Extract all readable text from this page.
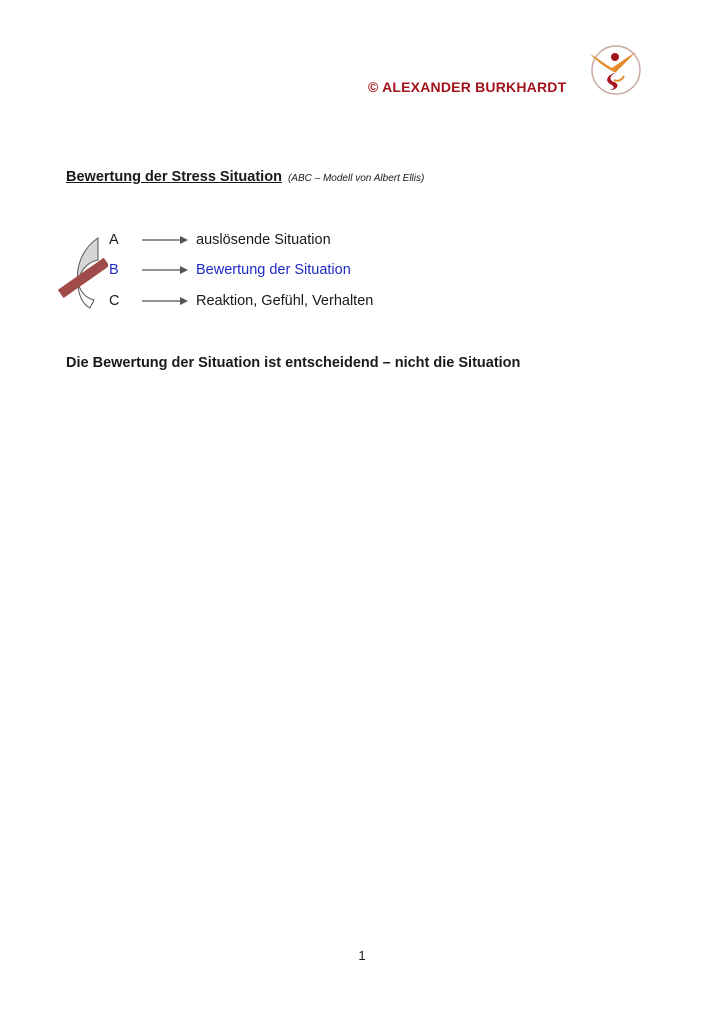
© ALEXANDER BURKHARDT
Bewertung der Stress Situation (ABC – Modell von Albert Ellis)
A	auslösende Situation
B	Bewertung der Situation
C	Reaktion, Gefühl, Verhalten
Die Bewertung der Situation ist entscheidend – nicht die Situation
1
